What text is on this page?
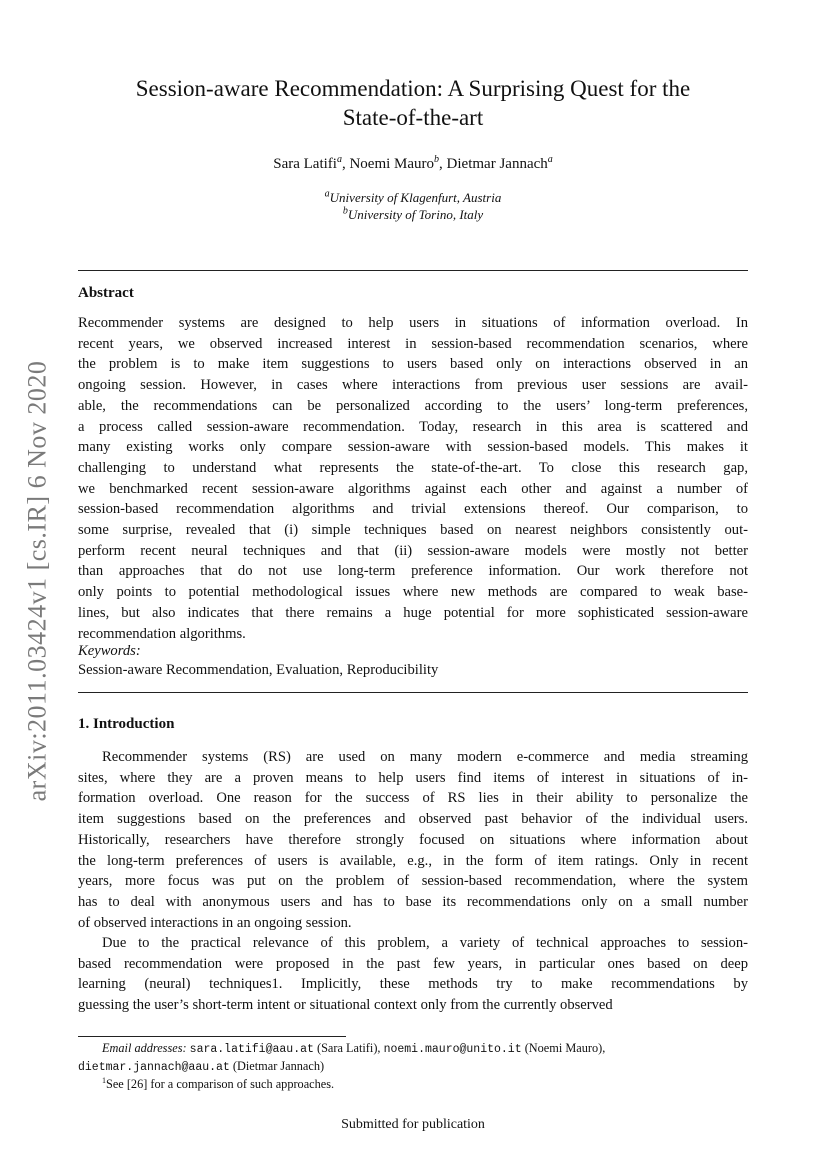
arXiv:2011.03424v1 [cs.IR] 6 Nov 2020
Session-aware Recommendation: A Surprising Quest for the
State-of-the-art
Sara Latifi$^a$, Noemi Mauro$^b$, Dietmar Jannach$^a$
$^a$University of Klagenfurt, Austria
$^b$University of Torino, Italy
Abstract
Recommender systems are designed to help users in situations of information overload. In
recent years, we observed increased interest in session-based recommendation scenarios, where
the problem is to make item suggestions to users based only on interactions observed in an
ongoing session. However, in cases where interactions from previous user sessions are avail-
able, the recommendations can be personalized according to the users’ long-term preferences,
a process called session-aware recommendation. Today, research in this area is scattered and
many existing works only compare session-aware with session-based models. This makes it
challenging to understand what represents the state-of-the-art. To close this research gap,
we benchmarked recent session-aware algorithms against each other and against a number of
session-based recommendation algorithms and trivial extensions thereof. Our comparison, to
some surprise, revealed that (i) simple techniques based on nearest neighbors consistently out-
perform recent neural techniques and that (ii) session-aware models were mostly not better
than approaches that do not use long-term preference information. Our work therefore not
only points to potential methodological issues where new methods are compared to weak base-
lines, but also indicates that there remains a huge potential for more sophisticated session-aware
recommendation algorithms.
Keywords:
Session-aware Recommendation, Evaluation, Reproducibility
1. Introduction
Recommender systems (RS) are used on many modern e-commerce and media streaming
sites, where they are a proven means to help users find items of interest in situations of in-
formation overload. One reason for the success of RS lies in their ability to personalize the
item suggestions based on the preferences and observed past behavior of the individual users.
Historically, researchers have therefore strongly focused on situations where information about
the long-term preferences of users is available, e.g., in the form of item ratings. Only in recent
years, more focus was put on the problem of session-based recommendation, where the system
has to deal with anonymous users and has to base its recommendations only on a small number
of observed interactions in an ongoing session.
Due to the practical relevance of this problem, a variety of technical approaches to session-
based recommendation were proposed in the past few years, in particular ones based on deep
learning (neural) techniques1. Implicitly, these methods try to make recommendations by
guessing the user’s short-term intent or situational context only from the currently observed
Email addresses: sara.latifi@aau.at (Sara Latifi), noemi.mauro@unito.it (Noemi Mauro), dietmar.jannach@aau.at (Dietmar Jannach)
$^1$See [26] for a comparison of such approaches.
Submitted for publication
